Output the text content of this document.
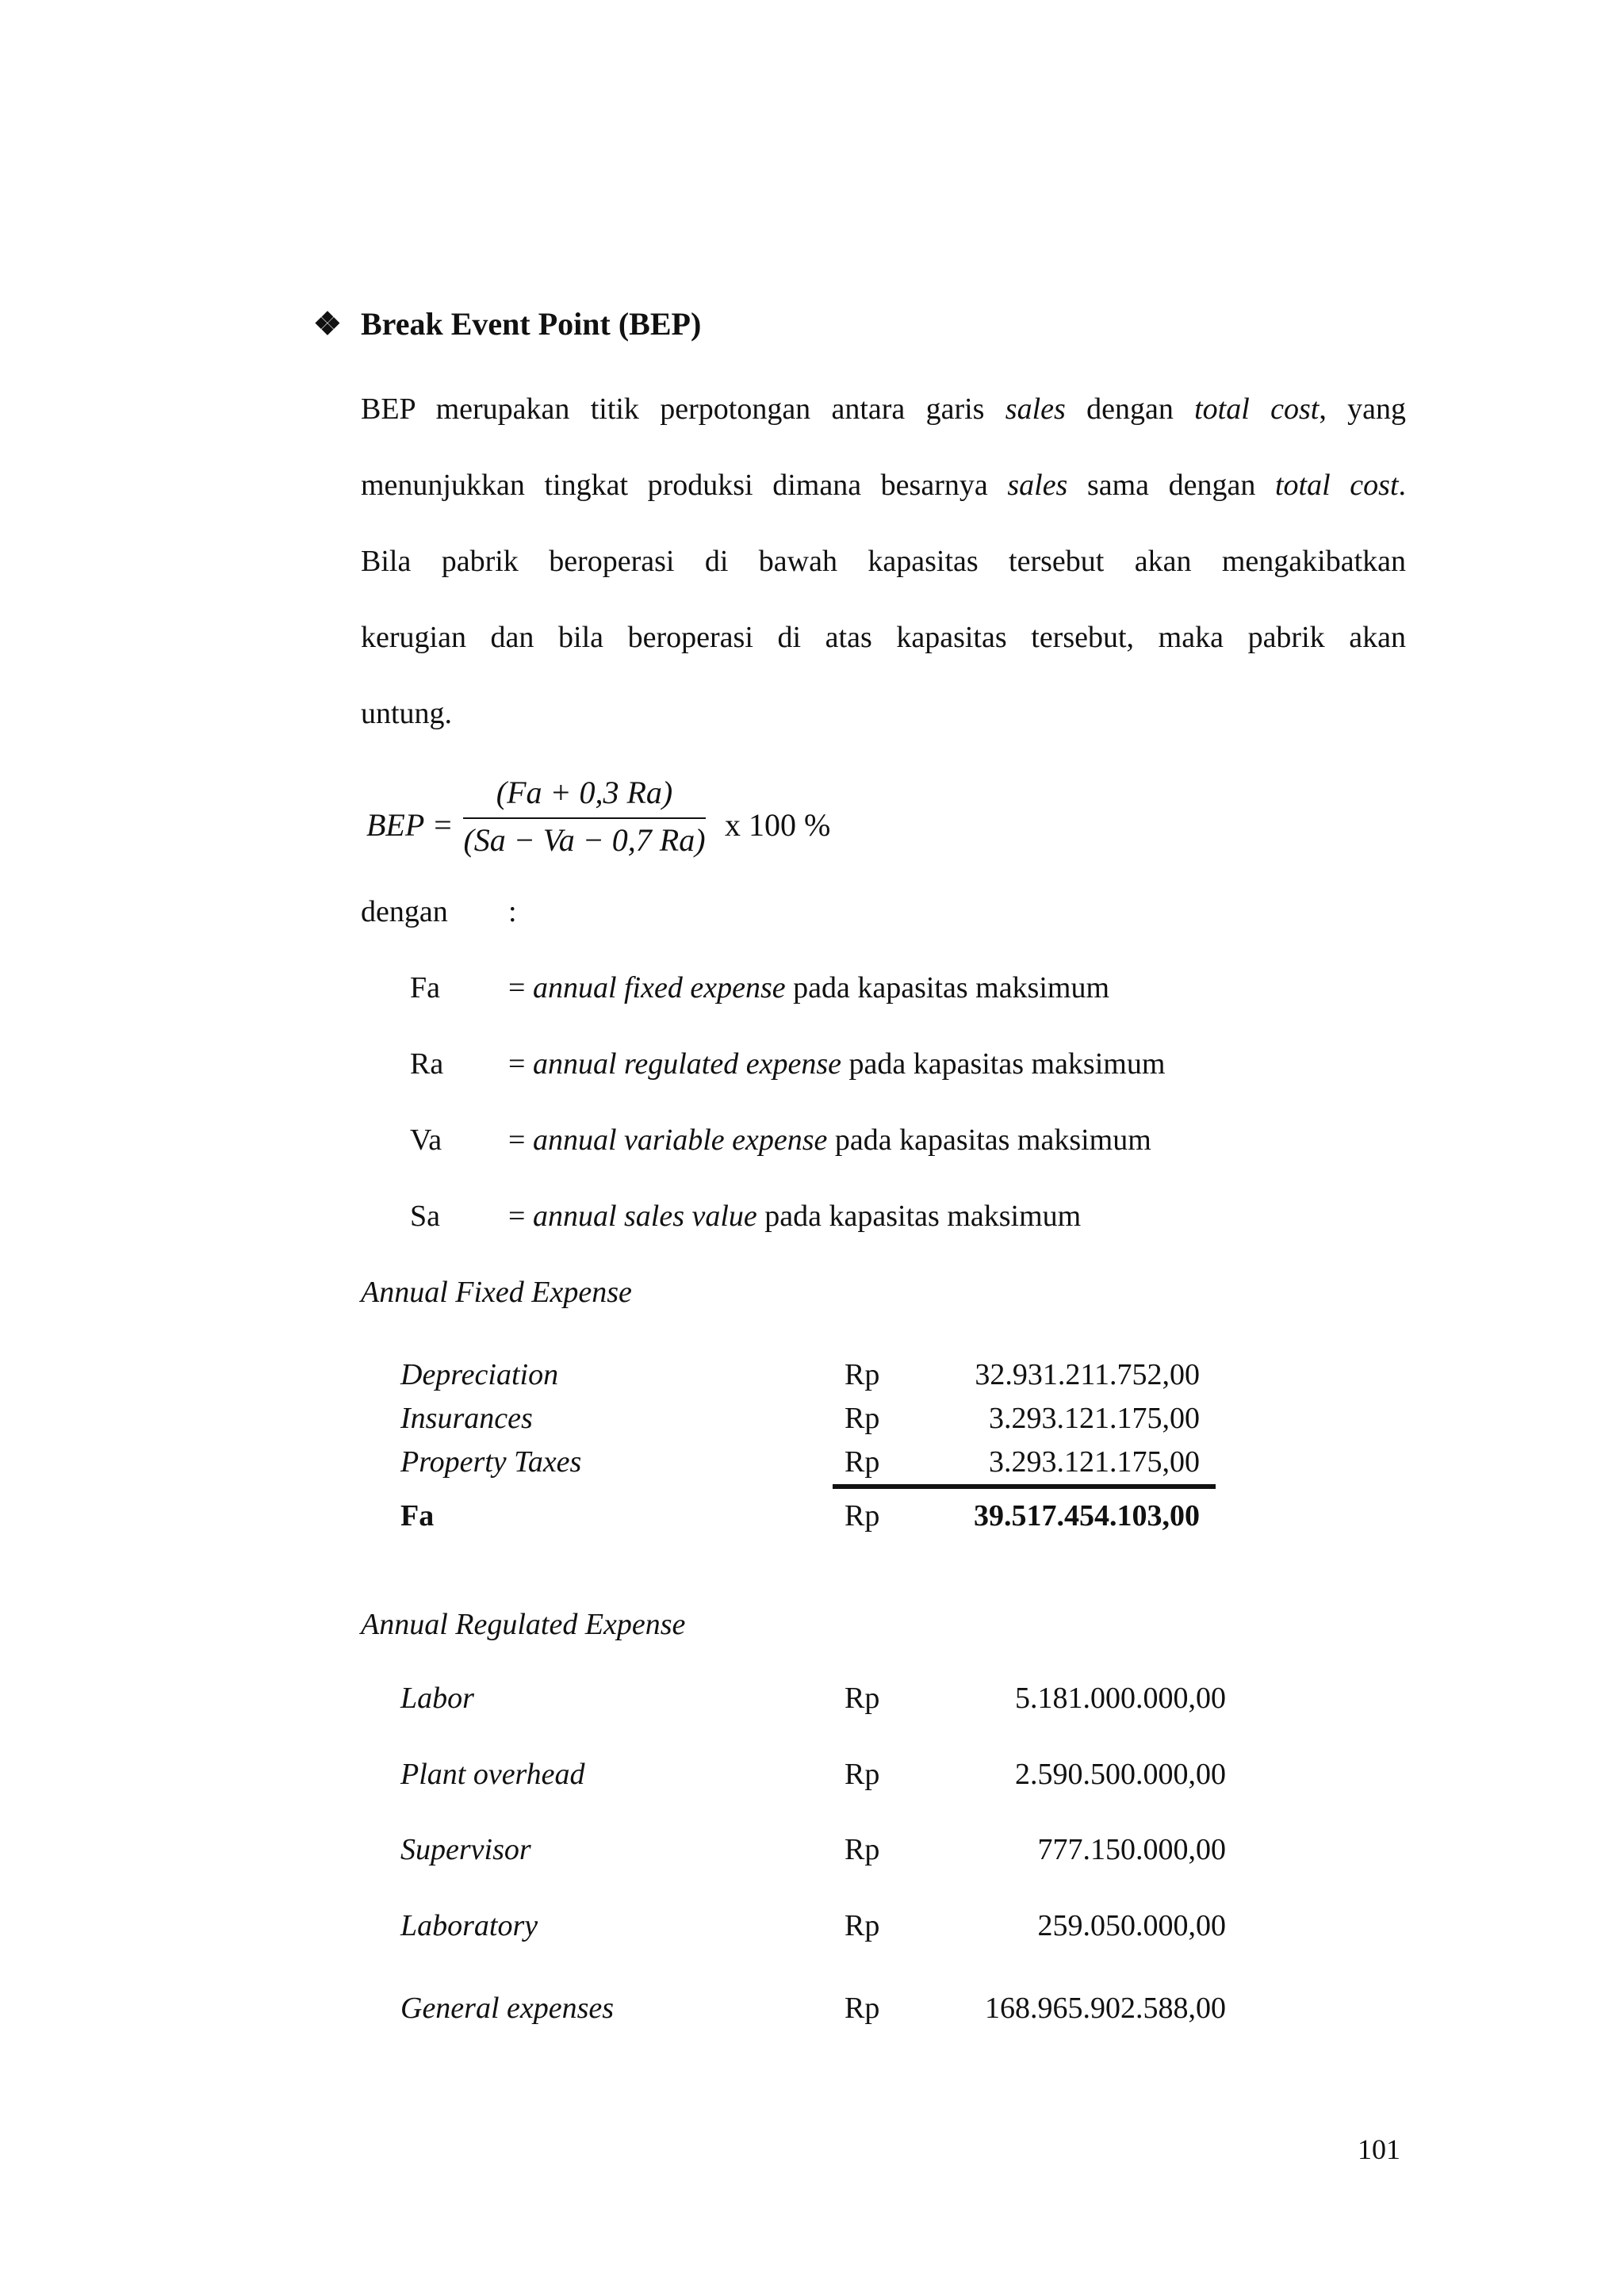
❖ Break Event Point (BEP)
BEP merupakan titik perpotongan antara garis sales dengan total cost, yang
menunjukkan tingkat produksi dimana besarnya sales sama dengan total cost.
Bila pabrik beroperasi di bawah kapasitas tersebut akan mengakibatkan
kerugian dan bila beroperasi di atas kapasitas tersebut, maka pabrik akan
untung.
BEP =
(Fa + 0,3 Ra)
(Sa − Va − 0,7 Ra) x 100 %
dengan :
Fa = annual fixed expense pada kapasitas maksimum
Ra = annual regulated expense pada kapasitas maksimum
Va = annual variable expense pada kapasitas maksimum
Sa = annual sales value pada kapasitas maksimum
Annual Fixed Expense
Depreciation	Rp	32.931.211.752,00
Insurances	Rp	3.293.121.175,00
Property Taxes	Rp	3.293.121.175,00
Fa	Rp	39.517.454.103,00
Annual Regulated Expense
Labor	Rp	5.181.000.000,00
Plant overhead	Rp	2.590.500.000,00
Supervisor	Rp	777.150.000,00
Laboratory	Rp	259.050.000,00
General expenses	Rp	168.965.902.588,00
101
